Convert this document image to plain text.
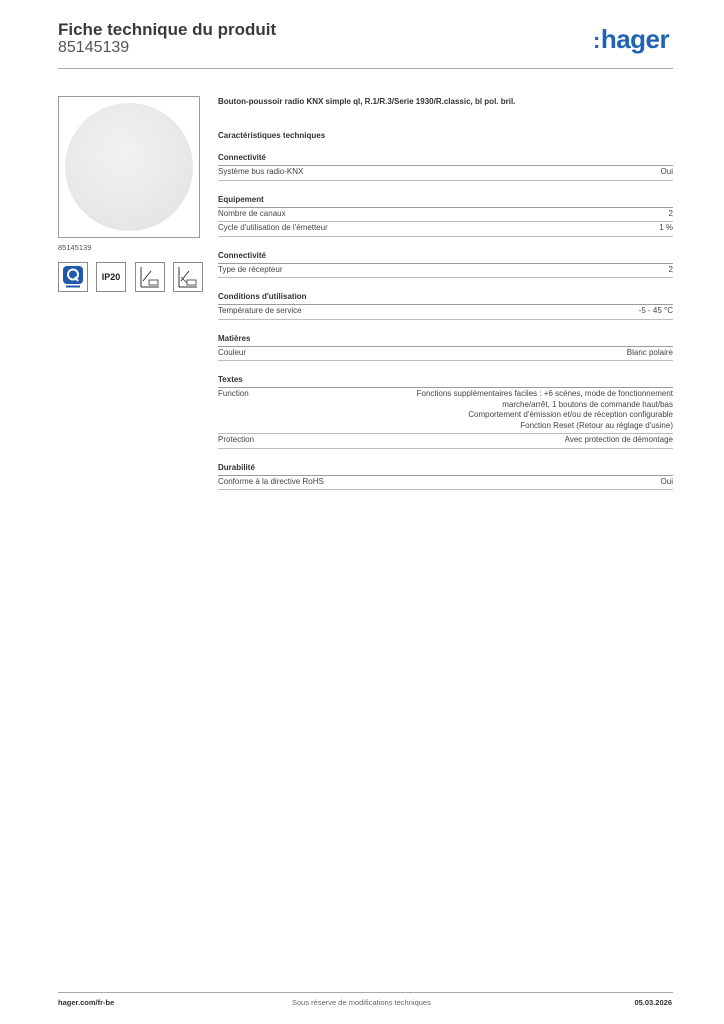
Fiche technique du produit
85145139	:hager
85145139
IP20
Bouton-poussoir radio KNX simple ql, R.1/R.3/Serie 1930/R.classic, bl pol. bril.
Caractéristiques techniques
Connectivité
Système bus radio-KNX	Oui
Equipement
Nombre de canaux	2
Cycle d'utilisation de l'émetteur	1 %
Connectivité
Type de récepteur	2
Conditions d'utilisation
Température de service	-5 - 45 °C
Matières
Couleur	Blanc polaire
Textes
Function	Fonctions supplémentaires faciles : +6 scènes, mode de fonctionnement
marche/arrêt, 1 boutons de commande haut/bas
Comportement d'émission et/ou de réception configurable
Fonction Reset (Retour au réglage d'usine)
Protection	Avec protection de démontage
Durabilité
Conforme à la directive RoHS	Oui
hager.com/fr-be	Sous réserve de modifications techniques	05.03.2026
